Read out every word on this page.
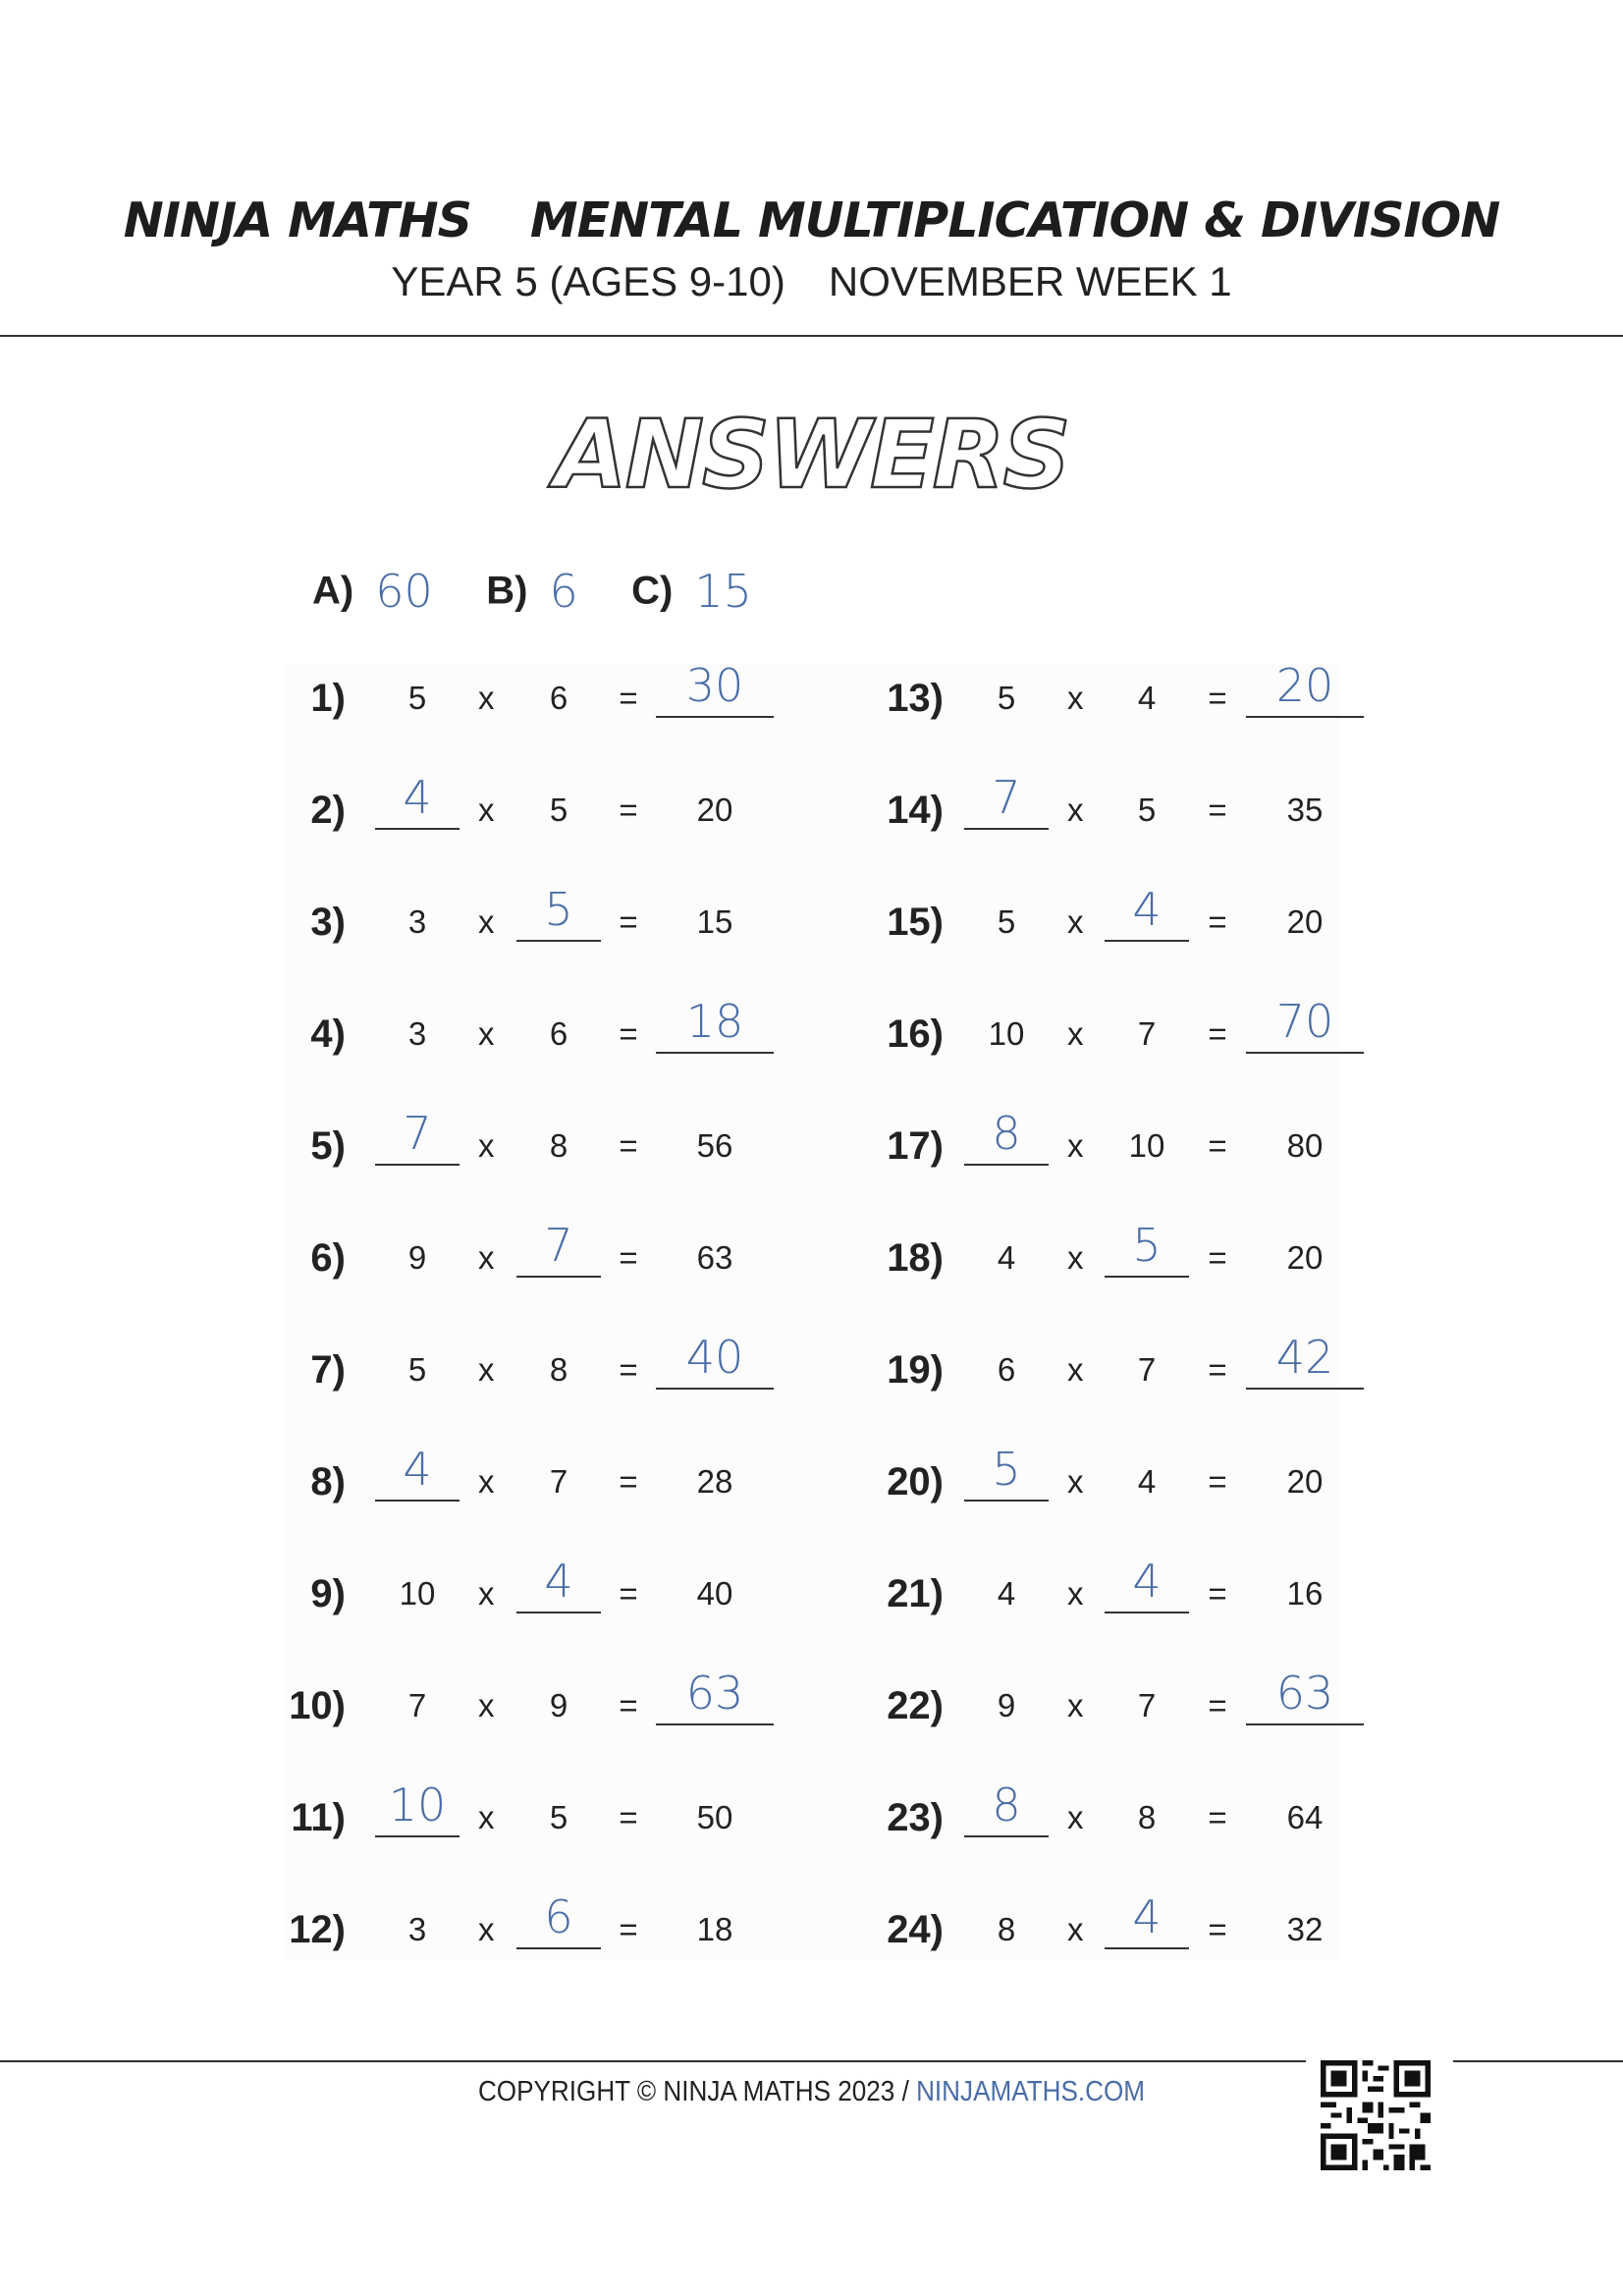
NINJA MATHS MENTAL MULTIPLICATION & DIVISION
YEAR 5 (AGES 9-10) NOVEMBER WEEK 1
ANSWERS
A) 60 B) 6 C) 15
1)	5	x	6	=	30
2)	4	x	5	=	20
3)	3	x	5	=	15
4)	3	x	6	=	18
5)	7	x	8	=	56
6)	9	x	7	=	63
7)	5	x	8	=	40
8)	4	x	7	=	28
9)	10	x	4	=	40
10)	7	x	9	=	63
11) 10 x	5	=	50
12)	3	x	6	=	18
13)	5	x	4	=	20
14)	7	x	5	=	35
15)	5	x	4	=	20
16)	10	x	7	=	70
17)	8	x	10	=	80
18)	4	x	5	=	20
19)	6	x	7	=	42
20)	5	x	4	=	20
21)	4	x	4	=	16
22)	9	x	7	=	63
23)	8	x	8	=	64
24)	8	x	4	=	32
COPYRIGHT © NINJA MATHS 2023 / NINJAMATHS.COM
